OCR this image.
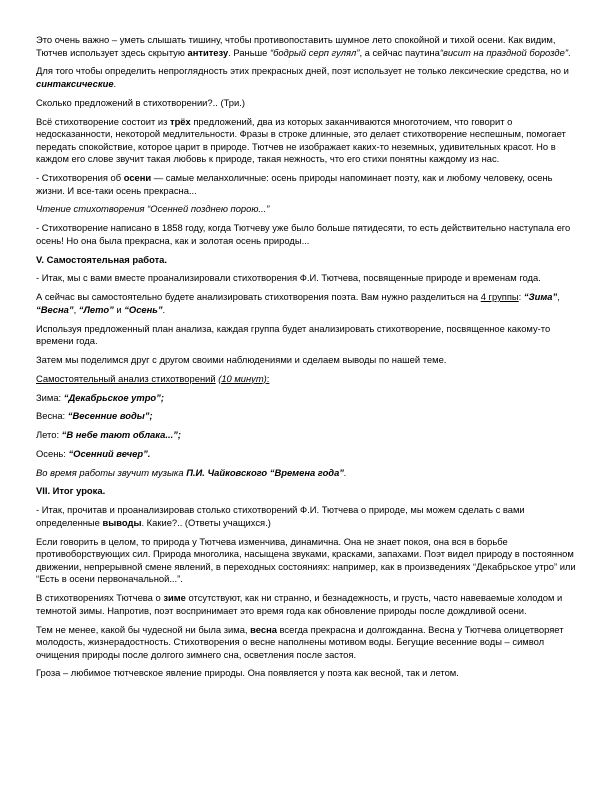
Это очень важно – уметь слышать тишину, чтобы противопоставить шумное лето спокойной и тихой осени. Как видим, Тютчев использует здесь скрытую антитезу. Раньше “бодрый серп гулял”, а сейчас паутина“висит на праздной борозде”.

Для того чтобы определить непроглядность этих прекрасных дней, поэт использует не только лексические средства, но и синтаксические.

Сколько предложений в стихотворении?.. (Три.)

Всё стихотворение состоит из трёх предложений, два из которых заканчиваются многоточием, что говорит о недосказанности, некоторой медлительности. Фразы в строке длинные, это делает стихотворение неспешным, помогает передать спокойствие, которое царит в природе. Тютчев не изображает каких-то неземных, удивительных красот. Но в каждом его слове звучит такая любовь к природе, такая нежность, что его стихи понятны каждому из нас.

- Стихотворения об осени — самые меланхоличные: осень природы напоминает поэту, как и любому человеку, осень жизни. И все-таки осень прекрасна...

Чтение стихотворения “Осенней позднею порою...”

- Стихотворение написано в 1858 году, когда Тютчеву уже было больше пятидесяти, то есть действительно наступала его осень! Но она была прекрасна, как и золотая осень природы...

V. Самостоятельная работа.

- Итак, мы с вами вместе проанализировали стихотворения Ф.И. Тютчева, посвященные природе и временам года.

А сейчас вы самостоятельно будете анализировать стихотворения поэта. Вам нужно разделиться на 4 группы: “Зима”, “Весна”, “Лето” и “Осень”.

Используя предложенный план анализа, каждая группа будет анализировать стихотворение, посвященное какому-то времени года.

Затем мы поделимся друг с другом своими наблюдениями и сделаем выводы по нашей теме.

Самостоятельный анализ стихотворений (10 минут):

Зима: “Декабрьское утро”;

Весна: “Весенние воды”;

Лето: “В небе тают облака...”;

Осень: “Осенний вечер”.

Во время работы звучит музыка П.И. Чайковского “Времена года”.

VII. Итог урока.

- Итак, прочитав и проанализировав столько стихотворений Ф.И. Тютчева о природе, мы можем сделать с вами определенные выводы. Какие?.. (Ответы учащихся.)

Если говорить в целом, то природа у Тютчева изменчива, динамична. Она не знает покоя, она вся в борьбе противоборствующих сил. Природа многолика, насыщена звуками, красками, запахами. Поэт видел природу в постоянном движении, непрерывной смене явлений, в переходных состояниях: например, как в произведениях “Декабрьское утро” или “Есть в осени первоначальной...”.

В стихотворениях Тютчева о зиме отсутствуют, как ни странно, и безнадежность, и грусть, часто навеваемые холодом и темнотой зимы. Напротив, поэт воспринимает это время года как обновление природы после дождливой осени.

Тем не менее, какой бы чудесной ни была зима, весна всегда прекрасна и долгожданна. Весна у Тютчева олицетворяет молодость, жизнерадостность. Стихотворения о весне наполнены мотивом воды. Бегущие весенние воды – символ очищения природы после долгого зимнего сна, осветления после застоя.

Гроза – любимое тютчевское явление природы. Она появляется у поэта как весной, так и летом.
